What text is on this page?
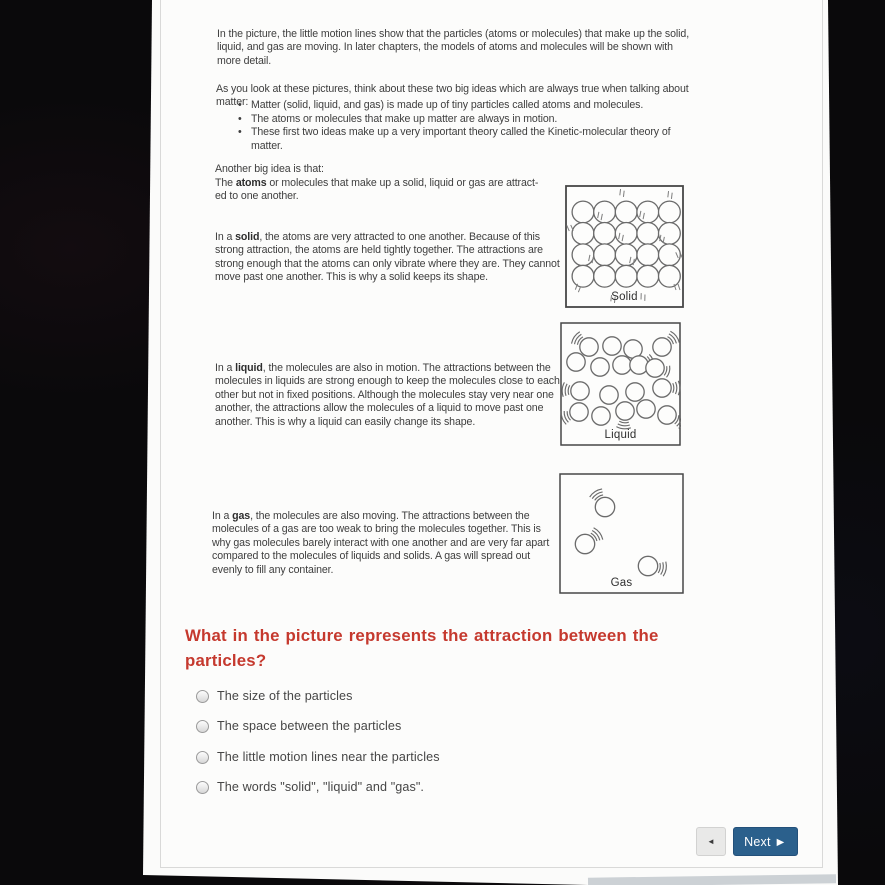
In the picture, the little motion lines show that the particles (atoms or molecules) that make up the solid, liquid, and gas are moving. In later chapters, the models of atoms and molecules will be shown with more detail.

As you look at these pictures, think about these two big ideas which are always true when talking about matter: • Matter (solid, liquid, and gas) is made up of tiny particles called atoms and molecules.
• The atoms or molecules that make up matter are always in motion.
• These first two ideas make up a very important theory called the Kinetic-molecular theory of matter.
Another big idea is that:
The atoms or molecules that make up a solid, liquid or gas are attract-
ed to one another.

In a solid, the atoms are very attracted to one another. Because of this strong attraction, the atoms are held tightly together. The attractions are strong enough that the atoms can only vibrate where they are. They cannot move past one another. This is why a solid keeps its shape.

In a liquid, the molecules are also in motion. The attractions between the molecules in liquids are strong enough to keep the molecules close to each other but not in fixed positions. Although the molecules stay very near one another, the attractions allow the molecules of a liquid to move past one another. This is why a liquid can easily change its shape.

In a gas, the molecules are also moving. The attractions between the molecules of a gas are too weak to bring the molecules together. This is why gas molecules barely interact with one another and are very far apart compared to the molecules of liquids and solids. A gas will spread out evenly to fill any container.

Solid
Liquid
Gas
What in the picture represents the attraction between the particles?
The size of the particles
The space between the particles
The little motion lines near the particles
The words "solid", "liquid" and "gas".
◄ Next ►
